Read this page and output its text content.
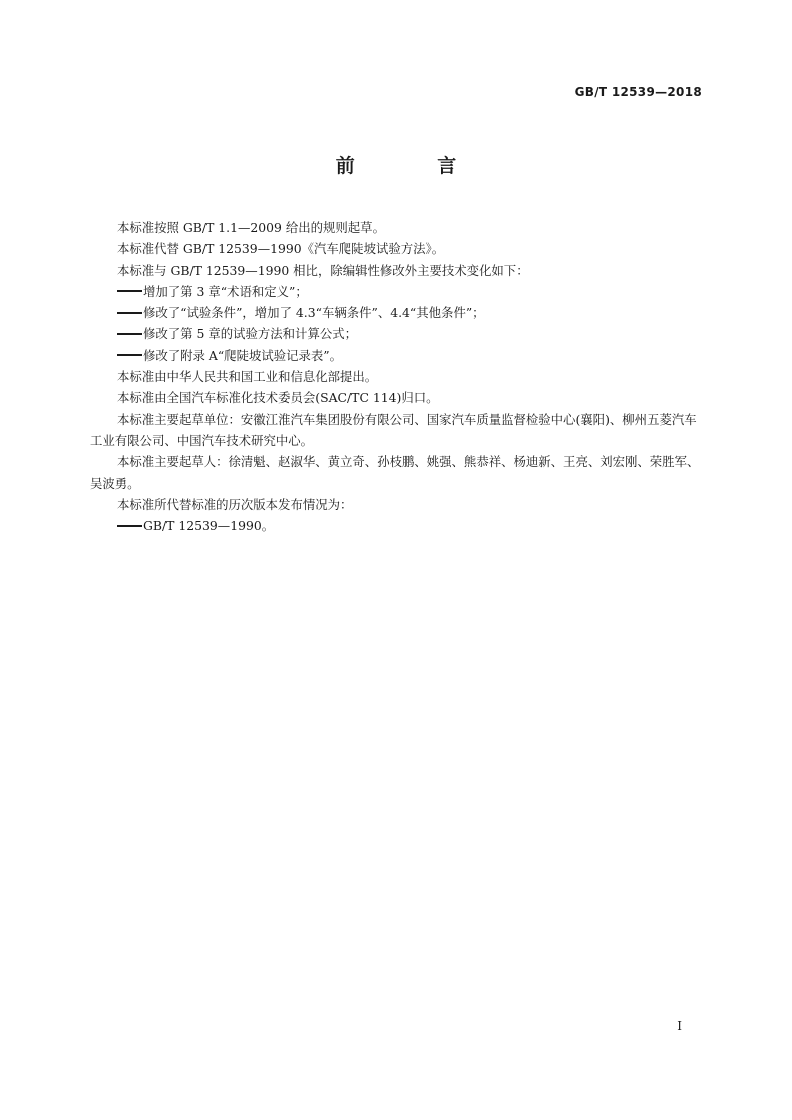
GB/T 12539—2018
前 言

本标准按照 GB/T 1.1—2009 给出的规则起草。

本标准代替 GB/T 12539—1990《汽车爬陡坡试验方法》。

本标准与 GB/T 12539—1990 相比，除编辑性修改外主要技术变化如下：

增加了第 3 章“术语和定义”；

修改了“试验条件”，增加了 4.3“车辆条件”、4.4“其他条件”；

修改了第 5 章的试验方法和计算公式；

修改了附录 A“爬陡坡试验记录表”。

本标准由中华人民共和国工业和信息化部提出。

本标准由全国汽车标准化技术委员会(SAC/TC 114)归口。

本标准主要起草单位：安徽江淮汽车集团股份有限公司、国家汽车质量监督检验中心(襄阳)、柳州五菱汽车工业有限公司、中国汽车技术研究中心。

本标准主要起草人：徐清魁、赵淑华、黄立奇、孙枝鹏、姚强、熊恭祥、杨迪新、王亮、刘宏刚、荣胜军、吴波勇。

本标准所代替标准的历次版本发布情况为：

GB/T 12539—1990。

I
